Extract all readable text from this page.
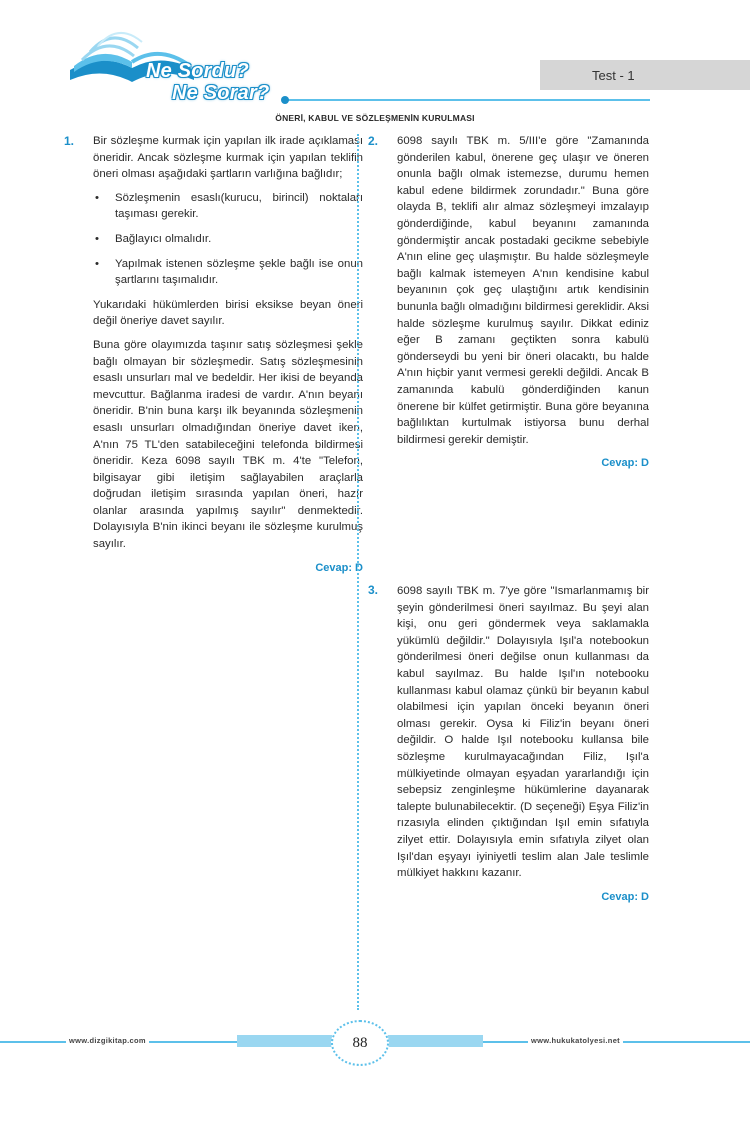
Ne Sordu?
Ne Sorar?
Test - 1
ÖNERİ, KABUL VE SÖZLEŞMENİN KURULMASI
1. Bir sözleşme kurmak için yapılan ilk irade açıklaması öneridir. Ancak sözleşme kurmak için yapılan teklifin öneri olması aşağıdaki şartların varlığına bağlıdır;

• Sözleşmenin esaslı(kurucu, birincil) noktaları taşıması gerekir.
• Bağlayıcı olmalıdır.
• Yapılmak istenen sözleşme şekle bağlı ise onun şartlarını taşımalıdır.

Yukarıdaki hükümlerden birisi eksikse beyan öneri değil öneriye davet sayılır.

Buna göre olayımızda taşınır satış sözleşmesi şekle bağlı olmayan bir sözleşmedir. Satış sözleşmesinin esaslı unsurları mal ve bedeldir. Her ikisi de beyanda mevcuttur. Bağlanma iradesi de vardır. A'nın beyanı öneridir. B'nin buna karşı ilk beyanında sözleşmenin esaslı unsurları olmadığından öneriye davet iken, A'nın 75 TL'den satabileceğini telefonda bildirmesi öneridir. Keza 6098 sayılı TBK m. 4'te "Telefon, bilgisayar gibi iletişim sağlayabilen araçlarla doğrudan iletişim sırasında yapılan öneri, hazır olanlar arasında yapılmış sayılır" denmektedir. Dolayısıyla B'nin ikinci beyanı ile sözleşme kurulmuş sayılır.

Cevap: D
2. 6098 sayılı TBK m. 5/III'e göre "Zamanında gönderilen kabul, önerene geç ulaşır ve öneren onunla bağlı olmak istemezse, durumu hemen kabul edene bildirmek zorundadır." Buna göre olayda B, teklifi alır almaz sözleşmeyi imzalayıp gönderdiğinde, kabul beyanını zamanında göndermiştir ancak postadaki gecikme sebebiyle A'nın eline geç ulaşmıştır. Bu halde sözleşmeyle bağlı kalmak istemeyen A'nın kendisine kabul beyanının çok geç ulaştığını artık kendisinin bununla bağlı olmadığını bildirmesi gereklidir. Aksi halde sözleşme kurulmuş sayılır. Dikkat ediniz eğer B zamanı geçtikten sonra kabulü gönderseydi bu yeni bir öneri olacaktı, bu halde A'nın hiçbir yanıt vermesi gerekli değildi. Ancak B zamanında kabulü gönderdiğinden kanun önerene bir külfet getirmiştir. Buna göre beyanına bağlılıktan kurtulmak istiyorsa bunu derhal bildirmesi gerekir demiştir.

Cevap: D
3. 6098 sayılı TBK m. 7'ye göre "Ismarlanmamış bir şeyin gönderilmesi öneri sayılmaz. Bu şeyi alan kişi, onu geri göndermek veya saklamakla yükümlü değildir." Dolayısıyla Işıl'a notebookun gönderilmesi öneri değilse onun kullanması da kabul sayılmaz. Bu halde Işıl'ın notebooku kullanması kabul olamaz çünkü bir beyanın kabul olabilmesi için yapılan önceki beyanın öneri olması gerekir. Oysa ki Filiz'in beyanı öneri değildir. O halde Işıl notebooku kullansa bile sözleşme kurulmayacağından Filiz, Işıl'a mülkiyetinde olmayan eşyadan yararlandığı için sebepsiz zenginleşme hükümlerine dayanarak talepte bulunabilecektir. (D seçeneği) Eşya Filiz'in rızasıyla elinden çıktığından Işıl emin sıfatıyla zilyet ettir. Dolayısıyla emin sıfatıyla zilyet olan Işıl'dan eşyayı iyiniyetli teslim alan Jale teslimle mülkiyet hakkını kazanır.

Cevap: D
www.dizgikitap.com	www.hukukatolyesi.net
88
